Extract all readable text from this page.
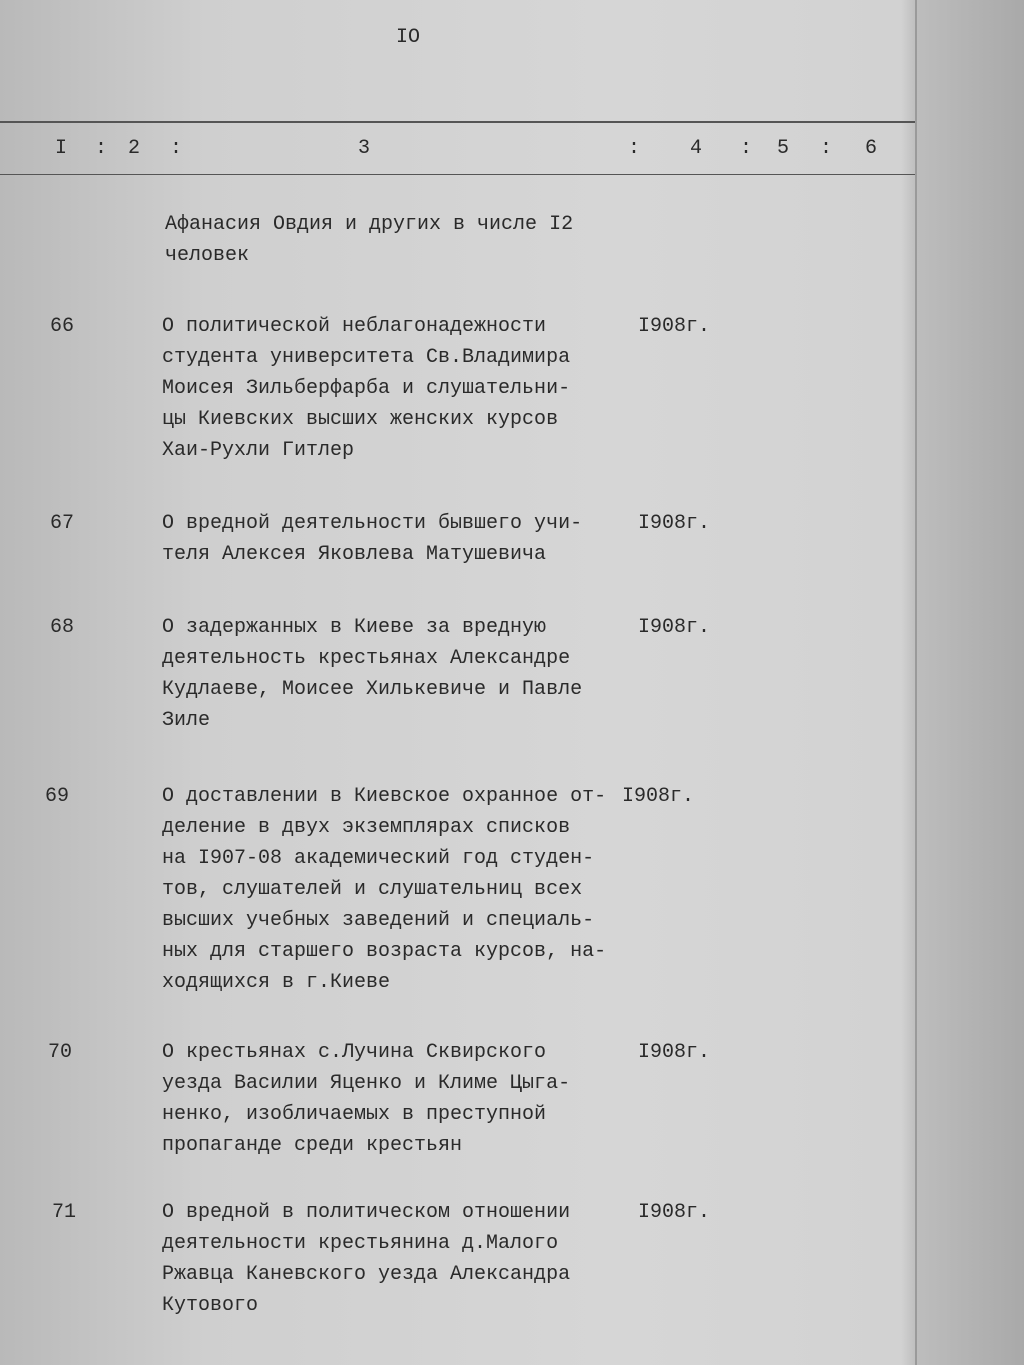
IO
I : 2 :	3	: 4 : 5 : 6
Афанасия Овдия и других в числе I2
человек
66	О политической неблагонадежности
студента университета Св.Владимира
Моисея Зильберфарба и слушательни-
цы Киевских высших женских курсов
Хаи-Рухли Гитлер
I908г.
67	О вредной деятельности бывшего учи-
теля Алексея Яковлева Матушевича
I908г.
68	О задержанных в Киеве за вредную
деятельность крестьянах Александре
Кудлаеве, Моисее Хилькевиче и Павле
Зиле
I908г.
69	О доставлении в Киевское охранное от-
деление в двух экземплярах списков
на I907-08 академический год студен-
тов, слушателей и слушательниц всех
высших учебных заведений и специаль-
ных для старшего возраста курсов, на-
ходящихся в г.Киеве
I908г.
70	О крестьянах с.Лучина Сквирского
уезда Василии Яценко и Климе Цыга-
ненко, изобличаемых в преступной
пропаганде среди крестьян
I908г.
71	О вредной в политическом отношении
деятельности крестьянина д.Малого
Ржавца Каневского уезда Александра
Кутового
I908г.
